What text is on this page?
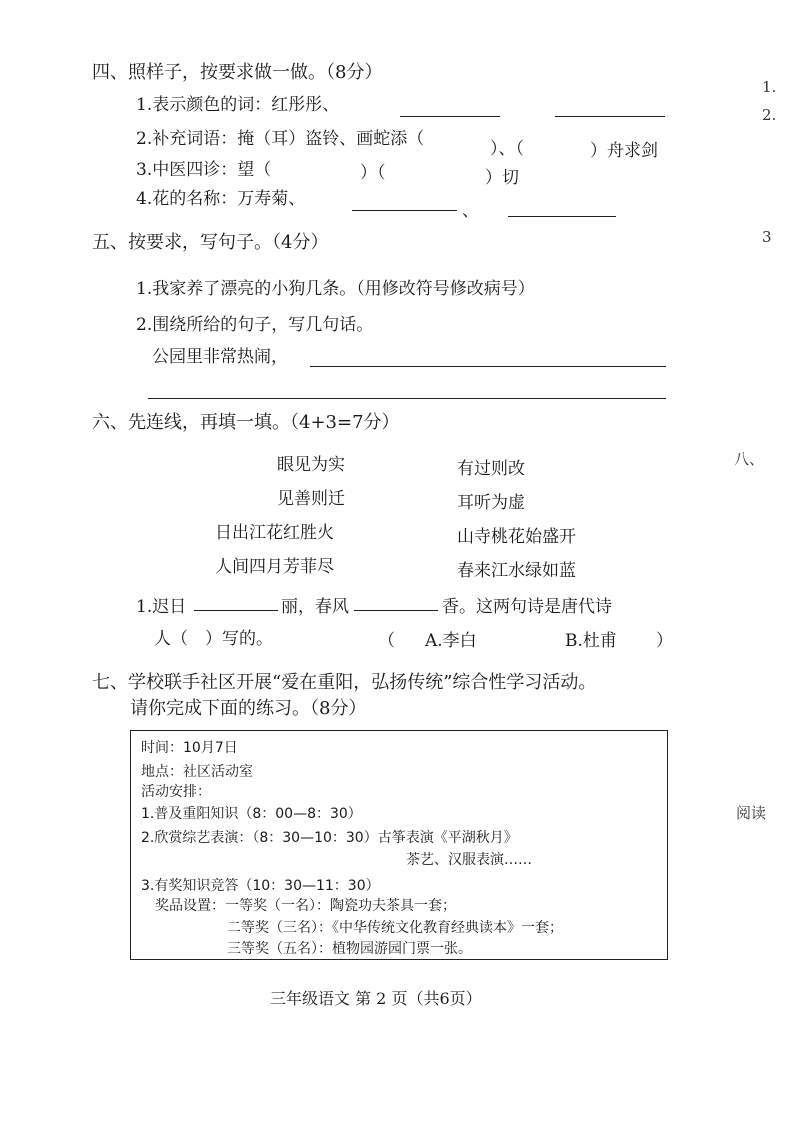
四、照样子，按要求做一做。（8分）
1.表示颜色的词：红彤彤、
2.补充词语：掩（耳）盗铃、画蛇添（	）、（	）舟求剑
3.中医四诊：望（	）（	）切
4.花的名称：万寿菊、
、
五、按要求，写句子。（4分）
1.我家养了漂亮的小狗几条。（用修改符号修改病号）
2.围绕所给的句子，写几句话。
公园里非常热闹，
六、先连线，再填一填。（4+3=7分）
眼见为实
见善则迁
日出江花红胜火
人间四月芳菲尽
有过则改
耳听为虚
山寺桃花始盛开
春来江水绿如蓝
1.迟日	丽，春风	香。这两句诗是唐代诗
人（　）写的。	（ A.李白	B.杜甫 ）
七、学校联手社区开展“爱在重阳，弘扬传统”综合性学习活动。
请你完成下面的练习。（8分）
时间：10月7日
地点：社区活动室
活动安排：
1.普及重阳知识（8：00—8：30）
2.欣赏综艺表演：（8：30—10：30）古筝表演《平湖秋月》
茶艺、汉服表演……
3.有奖知识竞答（10：30—11：30）
奖品设置：一等奖（一名）：陶瓷功夫茶具一套；
二等奖（三名）：《中华传统文化教育经典读本》一套；
三等奖（五名）：植物园游园门票一张。
三年级语文 第 2 页（共6页）
1.
2.
3
八、
阅读
